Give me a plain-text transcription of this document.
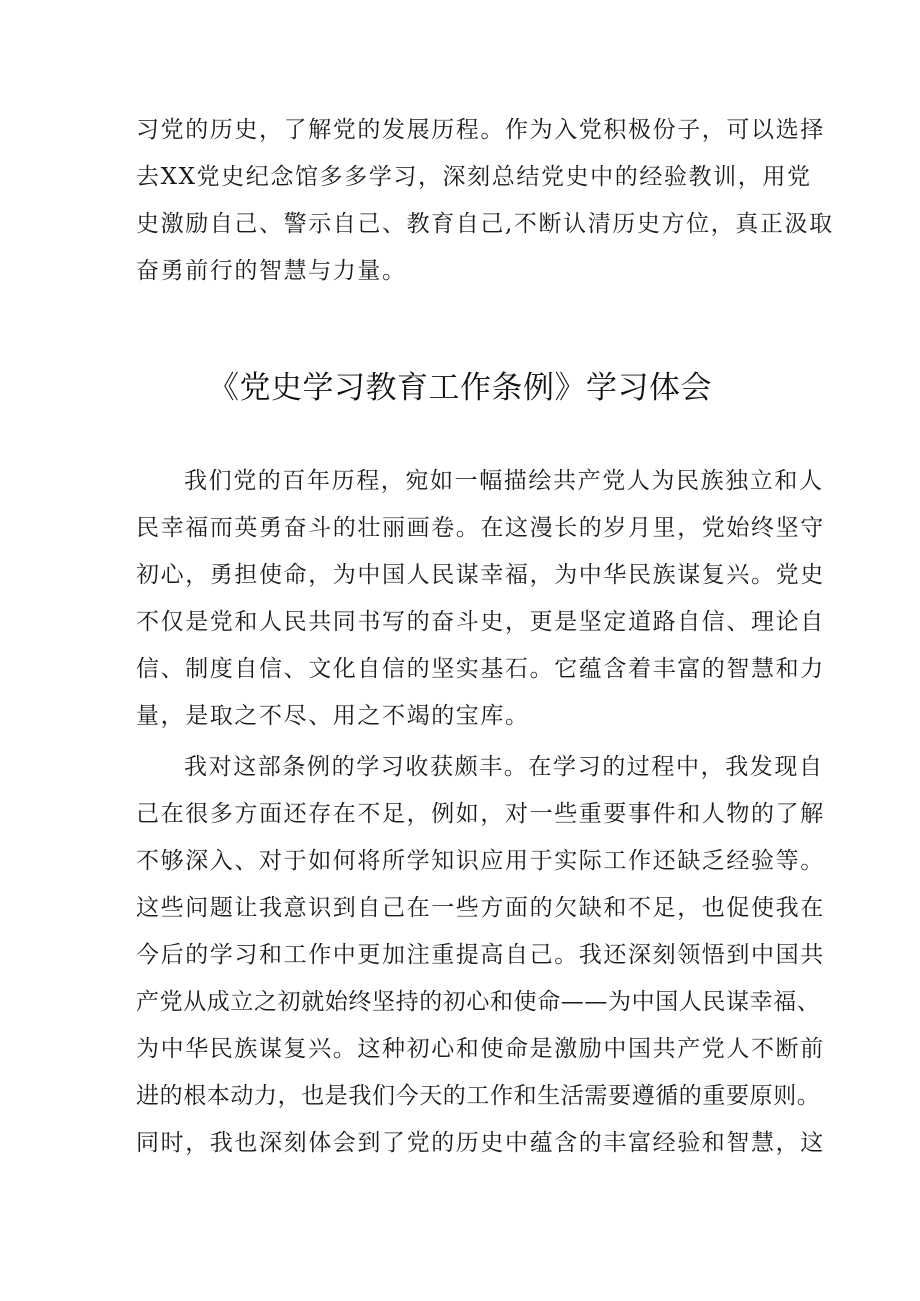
习党的历史，了解党的发展历程。作为入党积极份子，可以选择
去XX党史纪念馆多多学习，深刻总结党史中的经验教训，用党
史激励自己、警示自己、教育自己,不断认清历史方位，真正汲取
奋勇前行的智慧与力量。
《党史学习教育工作条例》学习体会
我们党的百年历程，宛如一幅描绘共产党人为民族独立和人
民幸福而英勇奋斗的壮丽画卷。在这漫长的岁月里，党始终坚守
初心，勇担使命，为中国人民谋幸福，为中华民族谋复兴。党史
不仅是党和人民共同书写的奋斗史，更是坚定道路自信、理论自
信、制度自信、文化自信的坚实基石。它蕴含着丰富的智慧和力
量，是取之不尽、用之不竭的宝库。
我对这部条例的学习收获颇丰。在学习的过程中，我发现自
己在很多方面还存在不足，例如，对一些重要事件和人物的了解
不够深入、对于如何将所学知识应用于实际工作还缺乏经验等。
这些问题让我意识到自己在一些方面的欠缺和不足，也促使我在
今后的学习和工作中更加注重提高自己。我还深刻领悟到中国共
产党从成立之初就始终坚持的初心和使命——为中国人民谋幸福、
为中华民族谋复兴。这种初心和使命是激励中国共产党人不断前
进的根本动力，也是我们今天的工作和生活需要遵循的重要原则。
同时，我也深刻体会到了党的历史中蕴含的丰富经验和智慧，这
